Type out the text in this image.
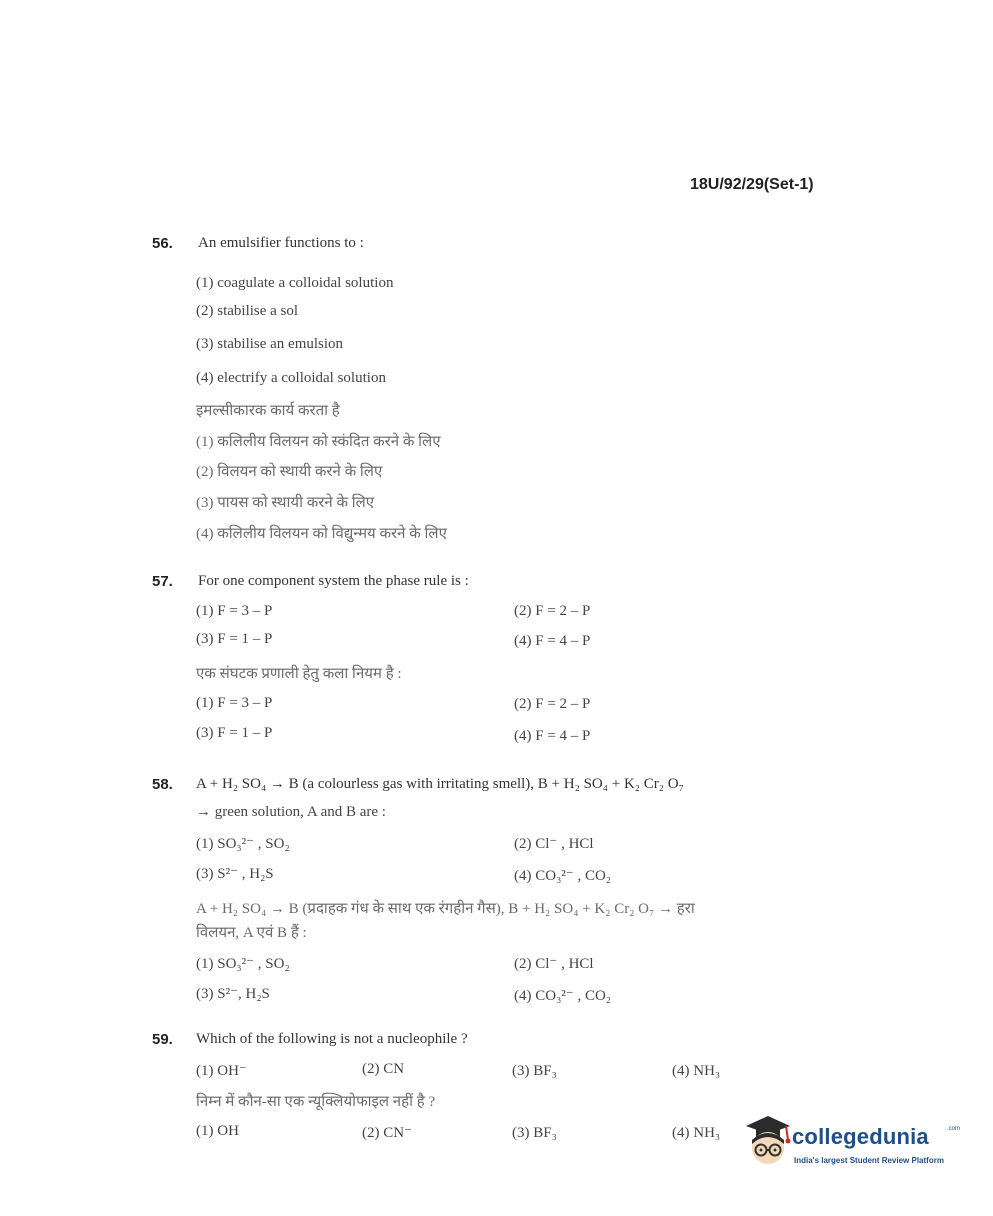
18U/92/29(Set-1)
56. An emulsifier functions to :
(1) coagulate a colloidal solution
(2) stabilise a sol
(3) stabilise an emulsion
(4) electrify a colloidal solution
इमल्सीकारक कार्य करता है
(1) कलिलीय विलयन को स्कंदित करने के लिए
(2) विलयन को स्थायी करने के लिए
(3) पायस को स्थायी करने के लिए
(4) कलिलीय विलयन को विद्युन्मय करने के लिए
57. For one component system the phase rule is :
(1) F = 3 – P	(2) F = 2 – P
(3) F = 1 – P	(4) F = 4 – P
एक संघटक प्रणाली हेतु कला नियम है :
(1) F = 3 – P	(2) F = 2 – P
(3) F = 1 – P	(4) F = 4 – P
58. A + H₂ SO₄ → B (a colourless gas with irritating smell), B + H₂ SO₄ + K₂ Cr₂ O₇
→ green solution, A and B are :
(1) SO₃²⁻ , SO₂	(2) Cl⁻ , HCl
(3) S²⁻ , H₂S	(4) CO₃²⁻ , CO₂
A + H₂ SO₄ → B (प्रदाहक गंध के साथ एक रंगहीन गैस), B + H₂ SO₄ + K₂ Cr₂ O₇ → हरा
विलयन, A एवं B हैं :
(1) SO₃²⁻ , SO₂	(2) Cl⁻ , HCl
(3) S²⁻, H₂S	(4) CO₃²⁻ , CO₂
59. Which of the following is not a nucleophile ?
(1) OH⁻	(2) CN	(3) BF₃	(4) NH₃
निम्न में कौन-सा एक न्यूक्लियोफाइल नहीं है ?
(1) OH	(2) CN⁻	(3) BF₃	(4) NH₃	collegedunia	.com
India's largest Student Review Platform
